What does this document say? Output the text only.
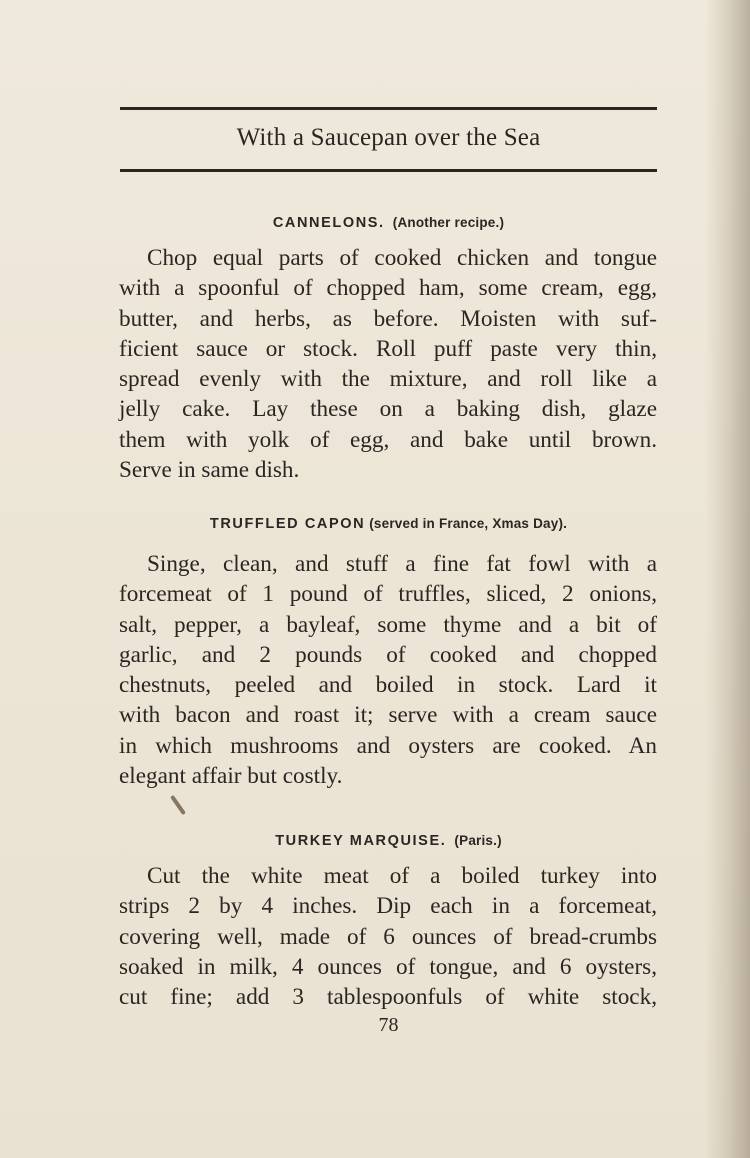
With a Saucepan over the Sea
CANNELONS. (Another recipe.)
Chop equal parts of cooked chicken and tongue
with a spoonful of chopped ham, some cream, egg,
butter, and herbs, as before. Moisten with suf-
ficient sauce or stock. Roll puff paste very thin,
spread evenly with the mixture, and roll like a
jelly cake. Lay these on a baking dish, glaze
them with yolk of egg, and bake until brown.
Serve in same dish.
TRUFFLED CAPON (served in France, Xmas Day).
Singe, clean, and stuff a fine fat fowl with a
forcemeat of 1 pound of truffles, sliced, 2 onions,
salt, pepper, a bayleaf, some thyme and a bit of
garlic, and 2 pounds of cooked and chopped
chestnuts, peeled and boiled in stock. Lard it
with bacon and roast it; serve with a cream sauce
in which mushrooms and oysters are cooked. An
elegant affair but costly.
TURKEY MARQUISE. (Paris.)
Cut the white meat of a boiled turkey into
strips 2 by 4 inches. Dip each in a forcemeat,
covering well, made of 6 ounces of bread-crumbs
soaked in milk, 4 ounces of tongue, and 6 oysters,
cut fine; add 3 tablespoonfuls of white stock,
78
